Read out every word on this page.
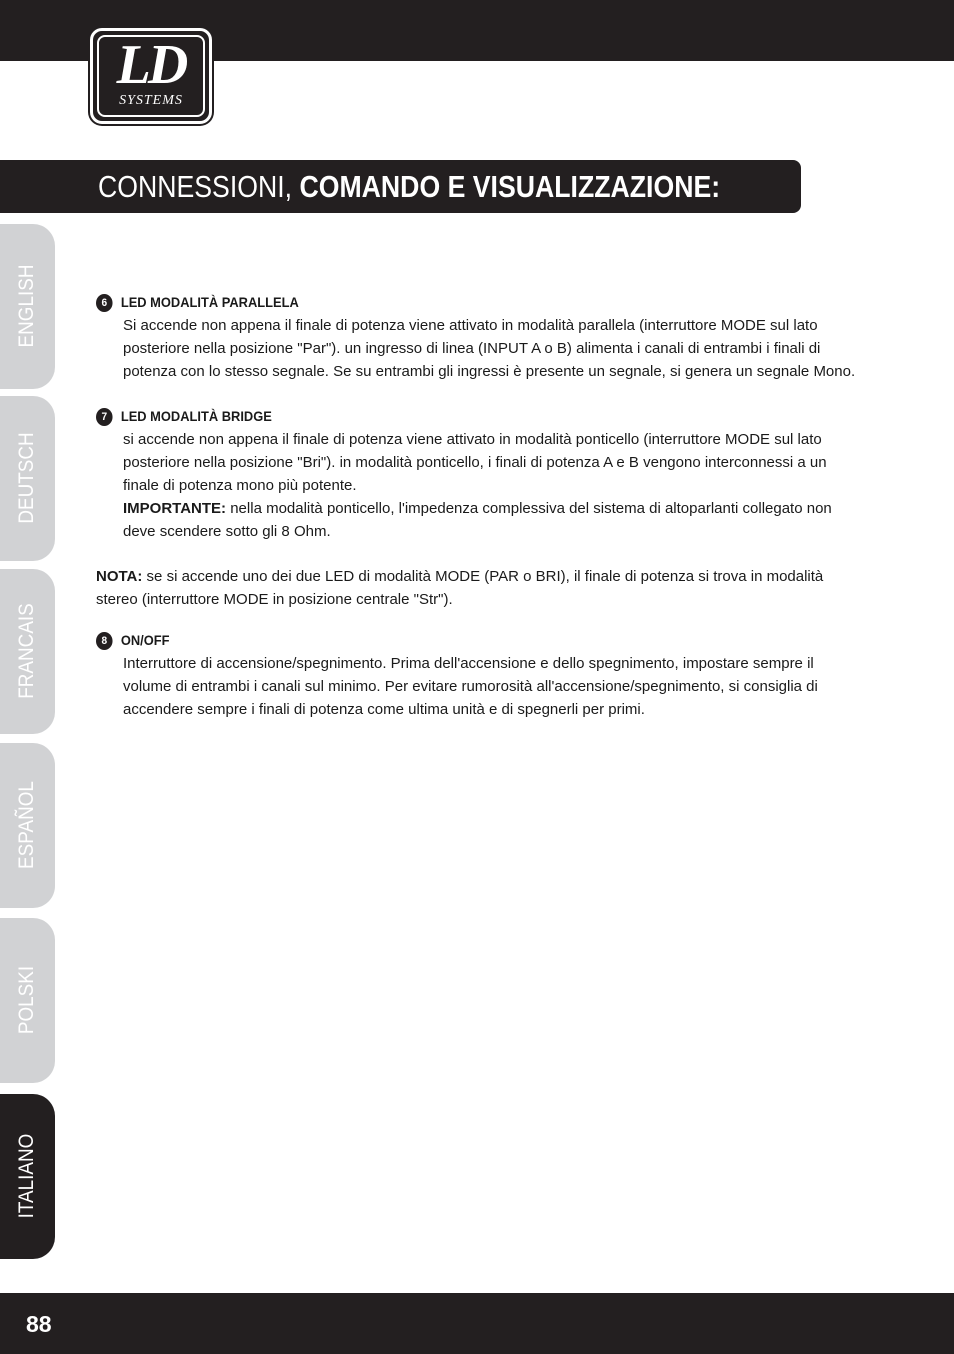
LD
SYSTEMS
CONNESSIONI, COMANDO E VISUALIZZAZIONE:
ENGLISH
DEUTSCH
FRANCAIS
ESPAÑOL
POLSKI
ITALIANO
6 LED MODALITÀ PARALLELA

Si accende non appena il finale di potenza viene attivato in modalità parallela (interruttore MODE sul lato posteriore nella posizione "Par"). un ingresso di linea (INPUT A o B) alimenta i canali di entrambi i finali di potenza con lo stesso segnale. Se su entrambi gli ingressi è presente un segnale, si genera un segnale Mono.

7 LED MODALITÀ BRIDGE

si accende non appena il finale di potenza viene attivato in modalità ponticello (interruttore MODE sul lato posteriore nella posizione "Bri"). in modalità ponticello, i finali di potenza A e B vengono interconnessi a un finale di potenza mono più potente.

IMPORTANTE: nella modalità ponticello, l'impedenza complessiva del sistema di altoparlanti collegato non deve scendere sotto gli 8 Ohm.

NOTA: se si accende uno dei due LED di modalità MODE (PAR o BRI), il finale di potenza si trova in modalità stereo (interruttore MODE in posizione centrale "Str").

8 ON/OFF

Interruttore di accensione/spegnimento. Prima dell'accensione e dello spegnimento, impostare sempre il volume di entrambi i canali sul minimo. Per evitare rumorosità all'accensione/spegnimento, si consiglia di accendere sempre i finali di potenza come ultima unità e di spegnerli per primi.

88
